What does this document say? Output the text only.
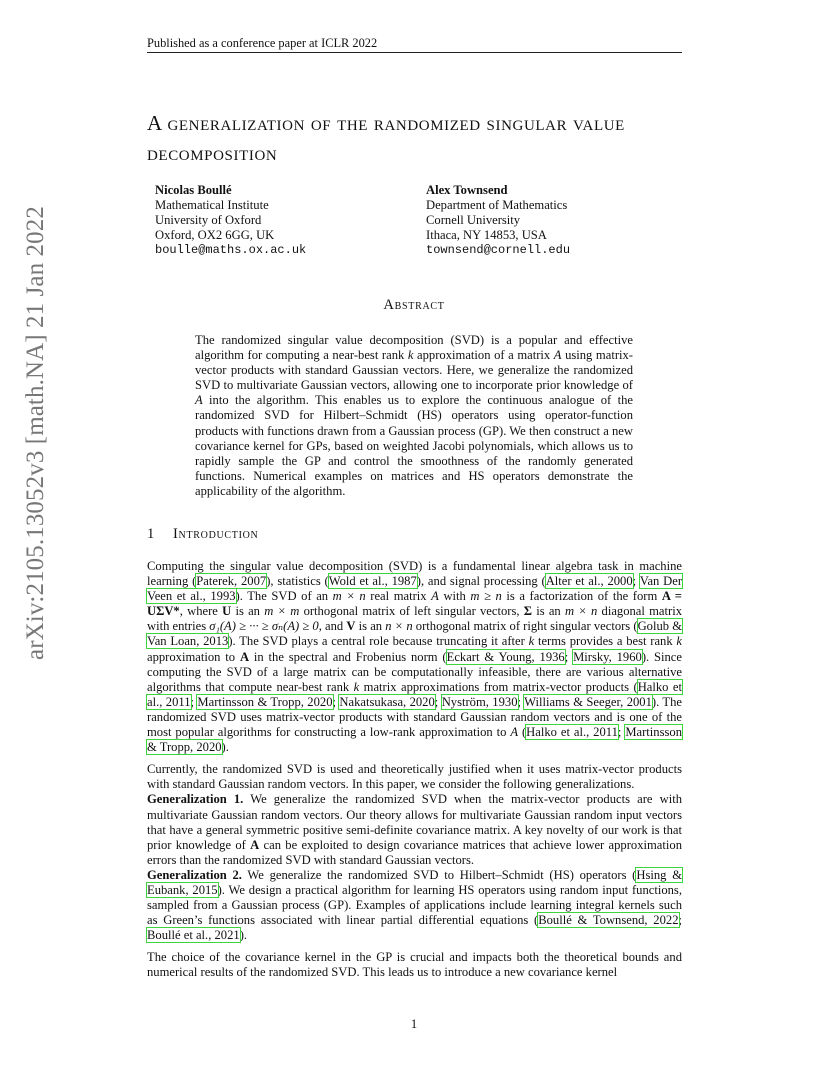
Published as a conference paper at ICLR 2022
arXiv:2105.13052v3 [math.NA] 21 Jan 2022
A generalization of the randomized singular value decomposition
Nicolas Boullé
Mathematical Institute
University of Oxford
Oxford, OX2 6GG, UK
boulle@maths.ox.ac.uk
Alex Townsend
Department of Mathematics
Cornell University
Ithaca, NY 14853, USA
townsend@cornell.edu
Abstract
The randomized singular value decomposition (SVD) is a popular and effective algorithm for computing a near-best rank k approximation of a matrix A using matrix-vector products with standard Gaussian vectors. Here, we generalize the randomized SVD to multivariate Gaussian vectors, allowing one to incorporate prior knowledge of A into the algorithm. This enables us to explore the continuous analogue of the randomized SVD for Hilbert–Schmidt (HS) operators using operator-function products with functions drawn from a Gaussian process (GP). We then construct a new covariance kernel for GPs, based on weighted Jacobi polynomials, which allows us to rapidly sample the GP and control the smoothness of the randomly generated functions. Numerical examples on matrices and HS operators demonstrate the applicability of the algorithm.
1 Introduction

Computing the singular value decomposition (SVD) is a fundamental linear algebra task in machine learning (Paterek, 2007), statistics (Wold et al., 1987), and signal processing (Alter et al., 2000; Van Der Veen et al., 1993). The SVD of an m × n real matrix A with m ≥ n is a factorization of the form A = UΣV*, where U is an m × m orthogonal matrix of left singular vectors, Σ is an m × n diagonal matrix with entries σ₁(A) ≥ ··· ≥ σₙ(A) ≥ 0, and V is an n × n orthogonal matrix of right singular vectors (Golub & Van Loan, 2013). The SVD plays a central role because truncating it after k terms provides a best rank k approximation to A in the spectral and Frobenius norm (Eckart & Young, 1936; Mirsky, 1960). Since computing the SVD of a large matrix can be computationally infeasible, there are various alternative algorithms that compute near-best rank k matrix approximations from matrix-vector products (Halko et al., 2011; Martinsson & Tropp, 2020; Nakatsukasa, 2020; Nyström, 1930; Williams & Seeger, 2001). The randomized SVD uses matrix-vector products with standard Gaussian random vectors and is one of the most popular algorithms for constructing a low-rank approximation to A (Halko et al., 2011; Martinsson & Tropp, 2020).

Currently, the randomized SVD is used and theoretically justified when it uses matrix-vector products with standard Gaussian random vectors. In this paper, we consider the following generalizations.

Generalization 1. We generalize the randomized SVD when the matrix-vector products are with multivariate Gaussian random vectors. Our theory allows for multivariate Gaussian random input vectors that have a general symmetric positive semi-definite covariance matrix. A key novelty of our work is that prior knowledge of A can be exploited to design covariance matrices that achieve lower approximation errors than the randomized SVD with standard Gaussian vectors.

Generalization 2. We generalize the randomized SVD to Hilbert–Schmidt (HS) operators (Hsing & Eubank, 2015). We design a practical algorithm for learning HS operators using random input functions, sampled from a Gaussian process (GP). Examples of applications include learning integral kernels such as Green’s functions associated with linear partial differential equations (Boullé & Townsend, 2022; Boullé et al., 2021).

The choice of the covariance kernel in the GP is crucial and impacts both the theoretical bounds and numerical results of the randomized SVD. This leads us to introduce a new covariance kernel

1
